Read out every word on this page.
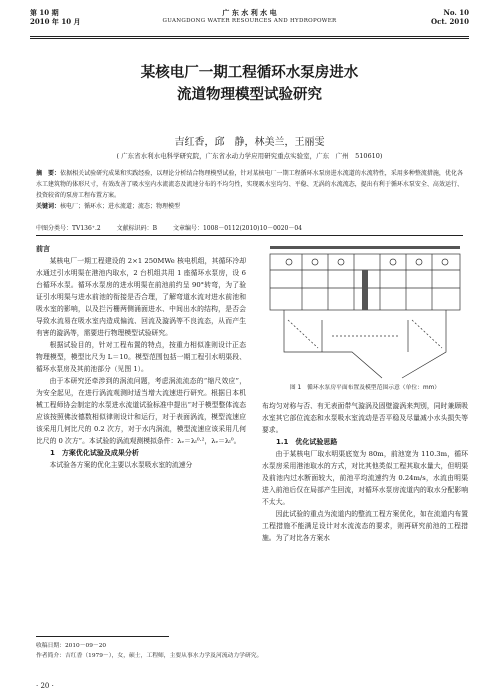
第 10 期
2010 年 10 月
广 东 水 利 水 电
GUANGDONG WATER RESOURCES AND HYDROPOWER
No. 10
Oct. 2010
某核电厂一期工程循环水泵房进水
流道物理模型试验研究
吉红香，邱　静，林美兰，王丽雯
( 广东省水利水电科学研究院，广东省水动力学应用研究重点实验室，广东　广州　510610)
摘　要：依据相关试验研究成果和实践经验，以理论分析结合物理模型试验，针对某核电厂一期工程循环水泵房进水流道的水流特性，采用多种整流措施，优化各水工建筑物的体形尺寸，有效改善了吸水室内水流流态及流速分布的不均匀性，实现吸水室均匀、平稳、无涡的水流流态，提出有利于循环水泵安全、高效运行、投资较省的泵房工程布置方案。
关键词：核电厂；循环水；进水流道；流态；物理模型
中图分类号：TV136⁺.2	文献标识码：B	文章编号：1008－0112(2010)10－0020－04

前言

某核电厂一期工程建设的 2×1 250MWe 核电机组，其循环冷却水通过引水明渠在港池内取水，2 台机组共用 1 座循环水泵房，设 6 台循环水泵。循环水泵房的进水明渠在前池前约呈 90°转弯，为了验证引水明渠与进水前池的衔接是否合理，了解弯道水流对进水前池和吸水室的影响，以及拦污栅两侧涌面进水、中间出水的结构，是否会导致水流易在吸水室内造成偏流、回流及漩涡等不良流态，从而产生有害的漩涡等，需要进行物理模型试验研究。

根据试验目的，针对工程布置的特点，按重力相似准则设计正态物理模型，模型比尺为 L＝10。模型范围包括一期工程引水明渠段、循环水泵房及其前池部分（见图 1）。

由于本研究还牵涉到的涡流问题，考虑涡流流态的“缩尺效应”，为安全起见，在进行涡流观测时适当增大流速进行研究。根据日本机械工程师协会制定的水泵进水流道试验标准中提出“对于模型整体流态应该按照佛汝德数相似律则设计和运行，对于表面涡流，模型流速应该采用几何比尺的 0.2 次方，对于水内涡流，模型流速应该采用几何比尺的 0 次方”。本试验的涡流观测模拟条件：λᵥ＝λₗ⁰·²，λᵥ＝λₗ⁰。

1　方案优化试验及成果分析

本试验各方案的优化主要以水泵吸水室的流速分

图 1　循环水泵房平面布置及模型范围示意（单位：mm）

布均匀对称与否、有无表面带气漩涡及固壁漩涡来判别，同时兼顾吸水室其它部位流态和水泵吸水室流动是否平稳及尽量减小水头损失等要求。

1.1　优化试验思路

由于某核电厂取水明渠底宽为 80m，前池宽为 110.3m，循环水泵房采用港池取水的方式，对比其他类似工程其取水量大，但明渠及前池内过水断面较大，前池平均流速约为 0.24m/s，水流由明渠进入前池后仅在局部产生回流，对循环水泵房流道内的取水分配影响不太大。

因此试验的重点为流道内的整流工程方案优化，如在流道内布置工程措施不能满足设计对水流流态的要求，则再研究前池的工程措施。为了对比各方案水

收稿日期：2010－09－20
作者简介：吉红香（1979－），女，硕士，工程师，主要从事水力学及河流动力学研究。
· 20 ·
